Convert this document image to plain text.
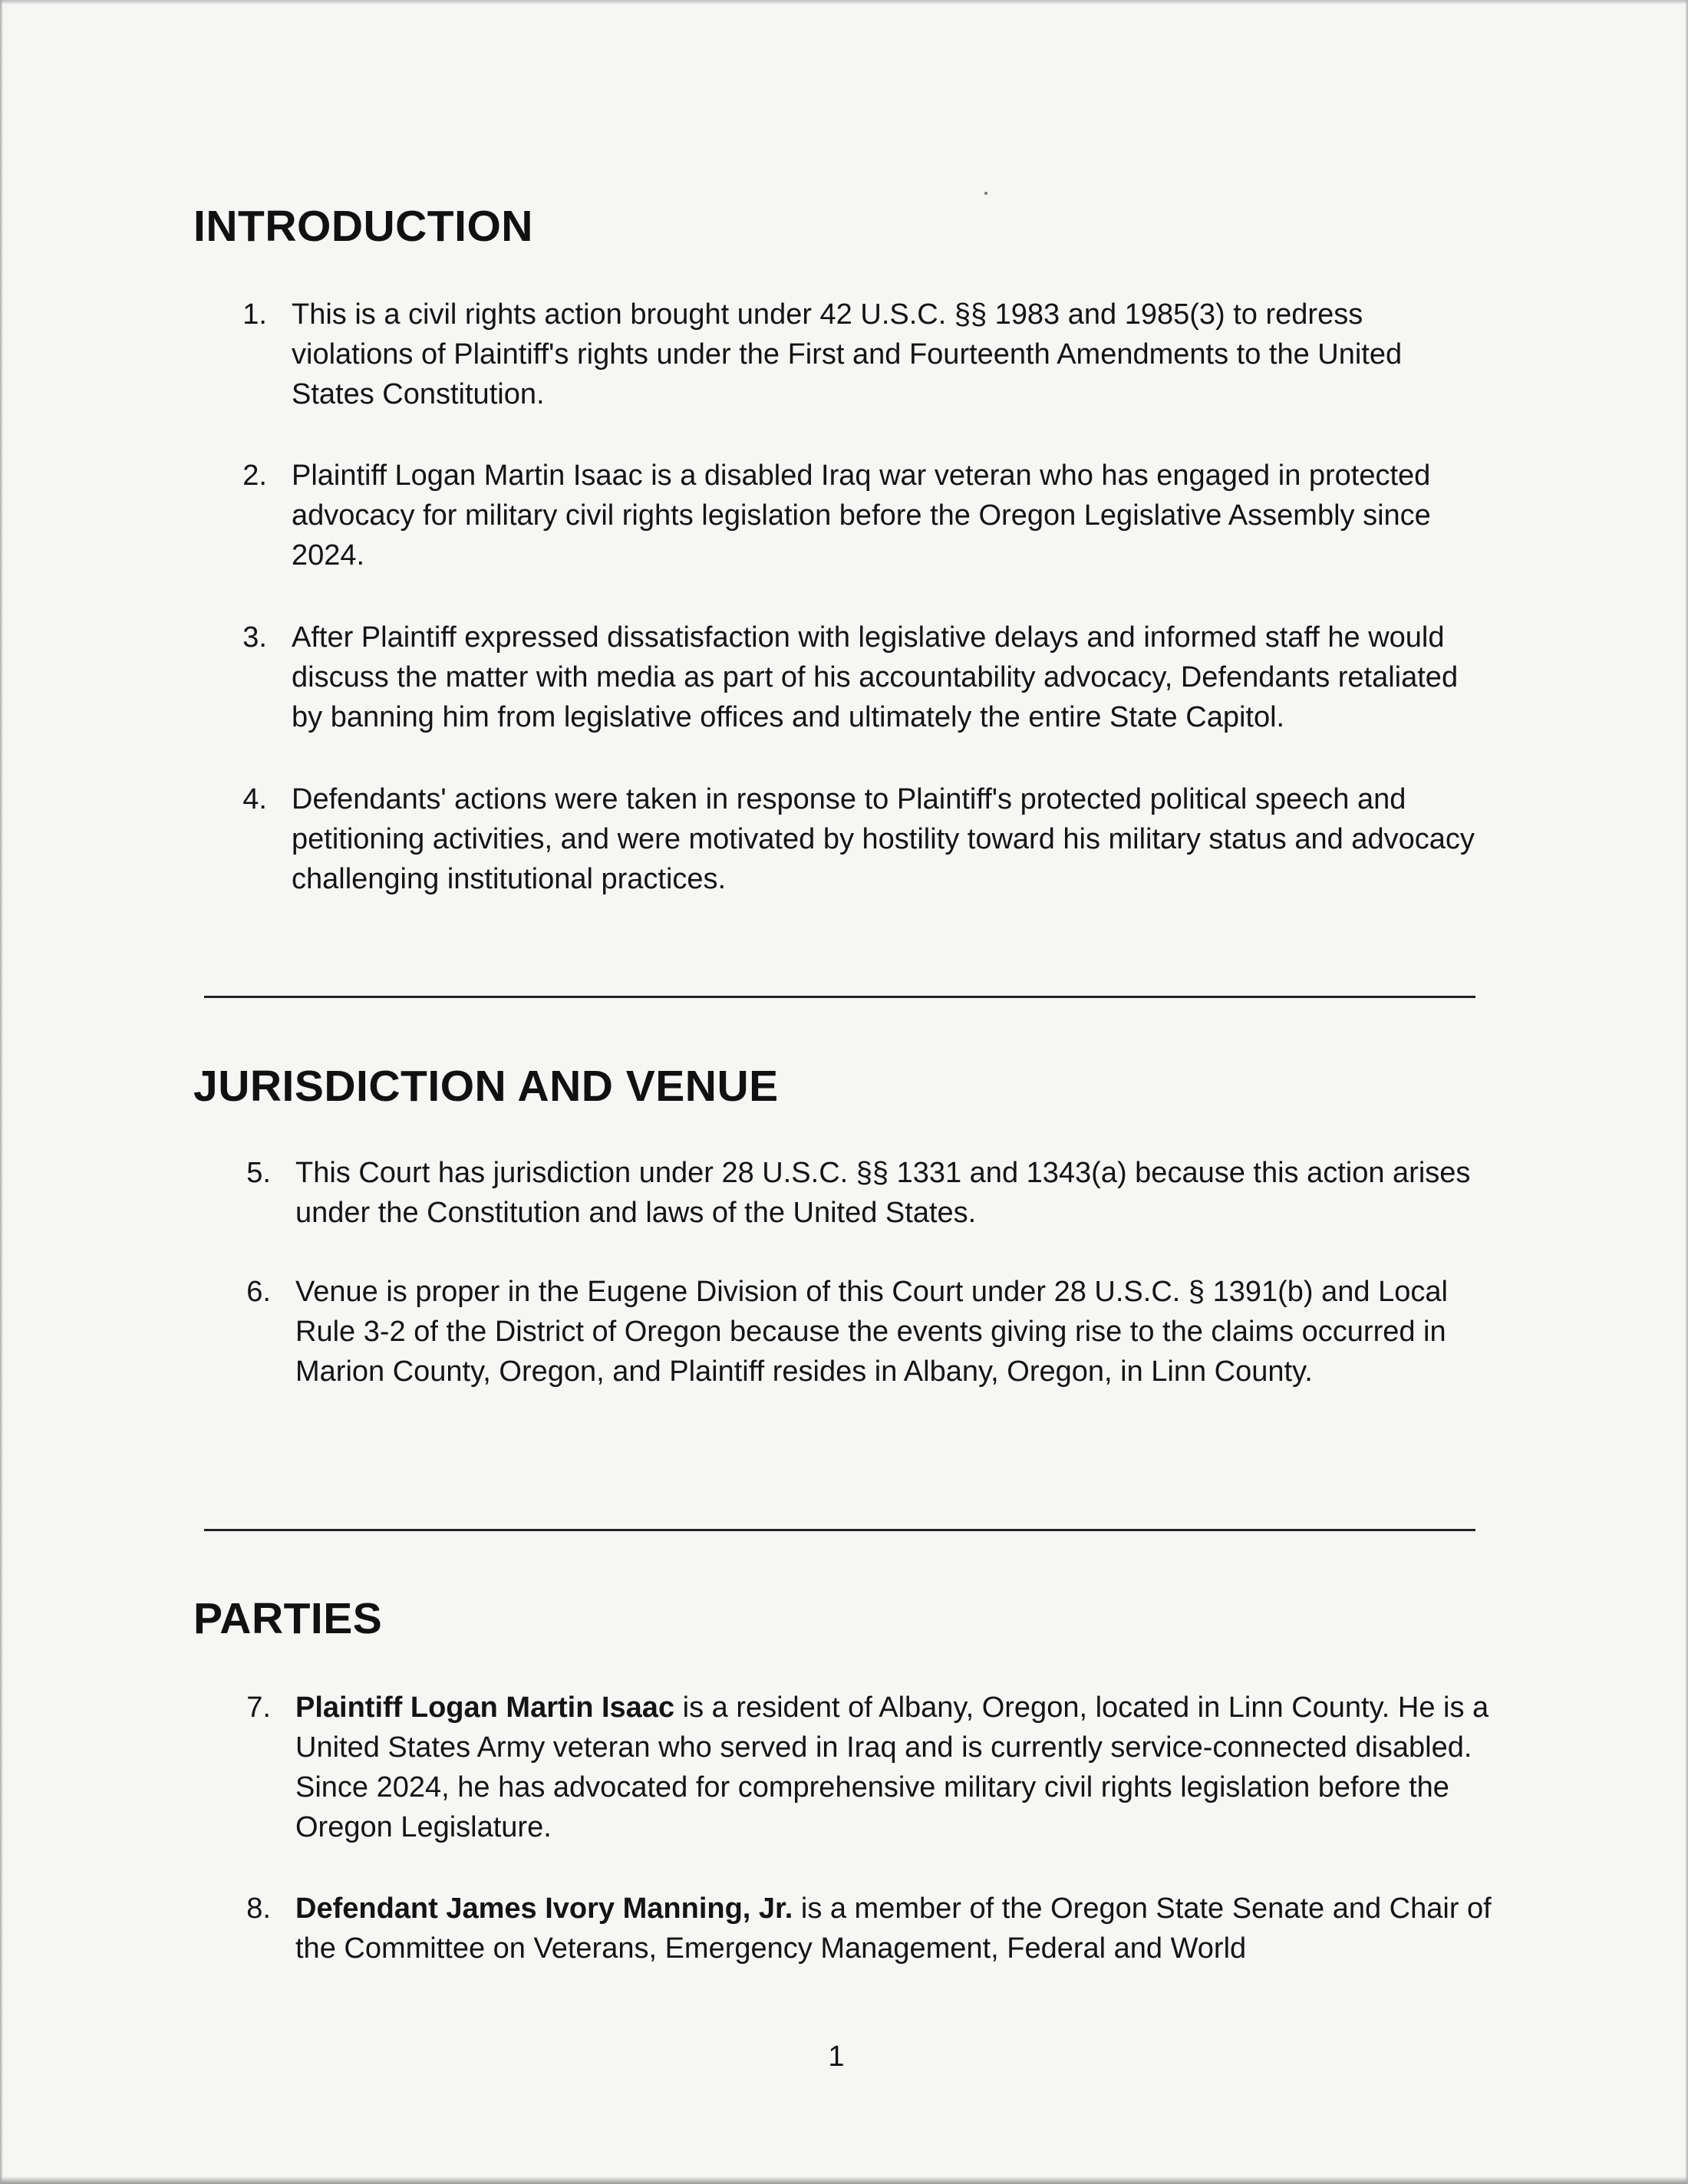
INTRODUCTION
1. This is a civil rights action brought under 42 U.S.C. §§ 1983 and 1985(3) to redress violations of Plaintiff's rights under the First and Fourteenth Amendments to the United States Constitution.
2. Plaintiff Logan Martin Isaac is a disabled Iraq war veteran who has engaged in protected advocacy for military civil rights legislation before the Oregon Legislative Assembly since 2024.
3. After Plaintiff expressed dissatisfaction with legislative delays and informed staff he would discuss the matter with media as part of his accountability advocacy, Defendants retaliated by banning him from legislative offices and ultimately the entire State Capitol.
4. Defendants' actions were taken in response to Plaintiff's protected political speech and petitioning activities, and were motivated by hostility toward his military status and advocacy challenging institutional practices.
JURISDICTION AND VENUE
5. This Court has jurisdiction under 28 U.S.C. §§ 1331 and 1343(a) because this action arises under the Constitution and laws of the United States.
6. Venue is proper in the Eugene Division of this Court under 28 U.S.C. § 1391(b) and Local Rule 3-2 of the District of Oregon because the events giving rise to the claims occurred in Marion County, Oregon, and Plaintiff resides in Albany, Oregon, in Linn County.
PARTIES
7. Plaintiff Logan Martin Isaac is a resident of Albany, Oregon, located in Linn County. He is a United States Army veteran who served in Iraq and is currently service-connected disabled. Since 2024, he has advocated for comprehensive military civil rights legislation before the Oregon Legislature.
8. Defendant James Ivory Manning, Jr. is a member of the Oregon State Senate and Chair of the Committee on Veterans, Emergency Management, Federal and World
1
